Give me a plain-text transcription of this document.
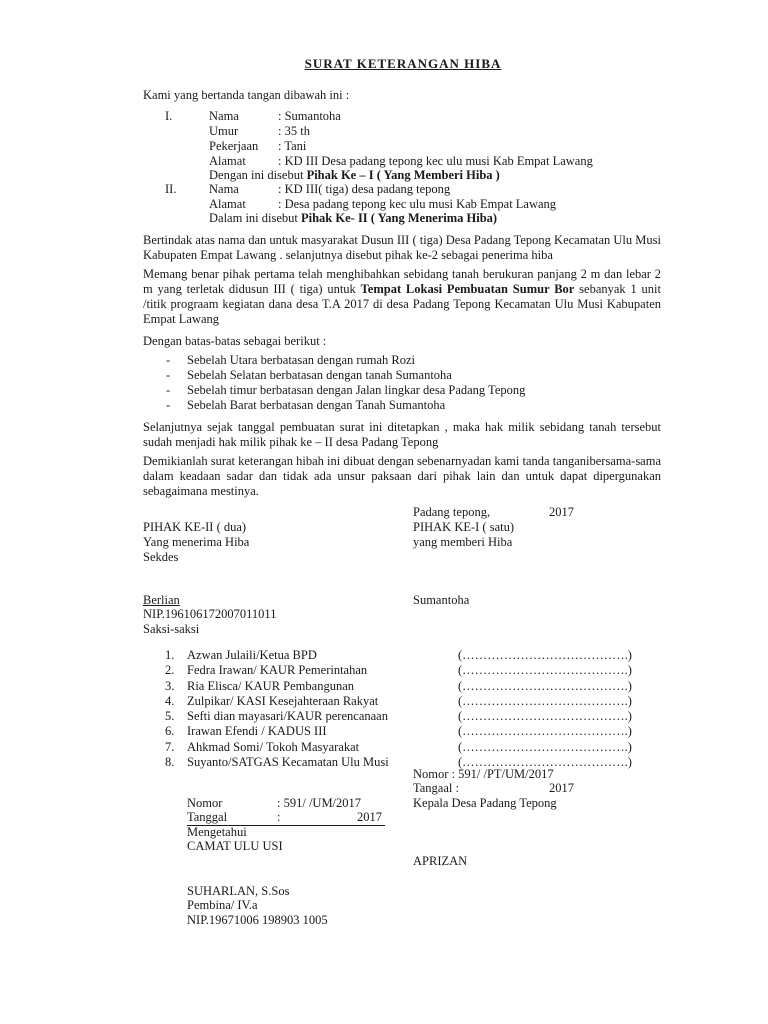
SURAT KETERANGAN HIBA
Kami yang bertanda tangan dibawah ini :
I.	Nama	: Sumantoha
Umur	: 35 th
Pekerjaan : Tani
Alamat	: KD III Desa padang tepong kec ulu musi Kab Empat Lawang
Dengan ini disebut Pihak Ke – I ( Yang Memberi Hiba )
II.	Nama	: KD III( tiga) desa padang tepong
Alamat	: Desa padang tepong kec ulu musi Kab Empat Lawang
Dalam ini disebut Pihak Ke- II ( Yang Menerima Hiba)
Bertindak atas nama dan untuk masyarakat Dusun III ( tiga) Desa Padang Tepong Kecamatan Ulu Musi Kabupaten Empat Lawang . selanjutnya disebut pihak ke-2 sebagai penerima hiba
Memang benar pihak pertama telah menghibahkan sebidang tanah berukuran panjang 2 m dan lebar 2 m yang terletak didusun III ( tiga) untuk Tempat Lokasi Pembuatan Sumur Bor sebanyak 1 unit /titik prograam kegiatan dana desa T.A 2017 di desa Padang Tepong Kecamatan Ulu Musi Kabupaten Empat Lawang
Dengan batas-batas sebagai berikut :
- Sebelah Utara berbatasan dengan rumah Rozi
- Sebelah Selatan berbatasan dengan tanah Sumantoha
- Sebelah timur berbatasan dengan Jalan lingkar desa Padang Tepong
- Sebelah Barat berbatasan dengan Tanah Sumantoha
Selanjutnya sejak tanggal pembuatan surat ini ditetapkan , maka hak milik sebidang tanah tersebut sudah menjadi hak milik pihak ke – II desa Padang Tepong
Demikianlah surat keterangan hibah ini dibuat dengan sebenarnyadan kami tanda tanganibersama-sama dalam keadaan sadar dan tidak ada unsur paksaan dari pihak lain dan untuk dapat dipergunakan sebagaimana mestinya.
Padang tepong,	2017
PIHAK KE-II ( dua)	PIHAK KE-I ( satu)
Yang menerima Hiba	yang memberi Hiba
Sekdes
Berlian	Sumantoha
NIP.196106172007011011
Saksi-saksi
1. Azwan Julaili/Ketua BPD	(………………………………….)
2. Fedra Irawan/ KAUR Pemerintahan	(………………………………….)
3. Ria Elisca/ KAUR Pembangunan	(………………………………….)
4. Zulpikar/ KASI Kesejahteraan Rakyat	(………………………………….)
5. Sefti dian mayasari/KAUR perencanaan	(………………………………….)
6. Irawan Efendi / KADUS III	(………………………………….)
7. Ahkmad Somi/ Tokoh Masyarakat	(………………………………….)
8. Suyanto/SATGAS Kecamatan Ulu Musi	(………………………………….)
Nomor : 591/ /PT/UM/2017
Tangaal :	2017
Kepala Desa Padang Tepong
APRIZAN
Nomor	: 591/ /UM/2017
Tanggal	:	2017
Mengetahui
CAMAT ULU USI
SUHARLAN, S.Sos
Pembina/ IV.a
NIP.19671006 198903 1005
